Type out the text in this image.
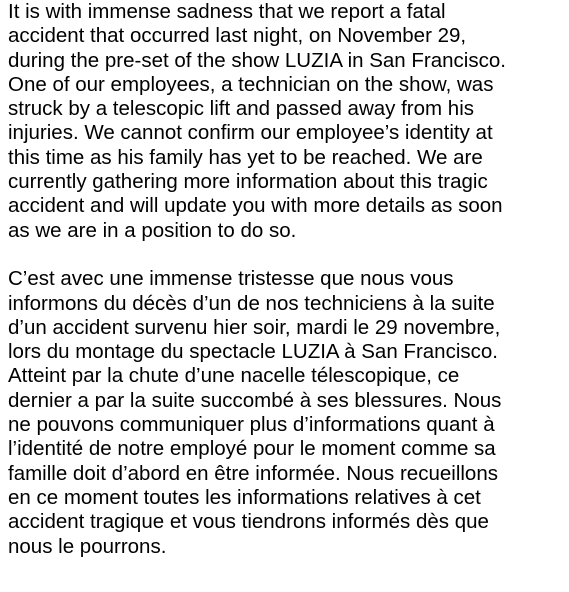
It is with immense sadness that we report a fatal
accident that occurred last night, on November 29,
during the pre-set of the show LUZIA in San Francisco.
One of our employees, a technician on the show, was
struck by a telescopic lift and passed away from his
injuries. We cannot confirm our employee’s identity at
this time as his family has yet to be reached. We are
currently gathering more information about this tragic
accident and will update you with more details as soon
as we are in a position to do so.

C’est avec une immense tristesse que nous vous
informons du décès d’un de nos techniciens à la suite
d’un accident survenu hier soir, mardi le 29 novembre,
lors du montage du spectacle LUZIA à San Francisco.
Atteint par la chute d’une nacelle télescopique, ce
dernier a par la suite succombé à ses blessures. Nous
ne pouvons communiquer plus d’informations quant à
l’identité de notre employé pour le moment comme sa
famille doit d’abord en être informée. Nous recueillons
en ce moment toutes les informations relatives à cet
accident tragique et vous tiendrons informés dès que
nous le pourrons.
